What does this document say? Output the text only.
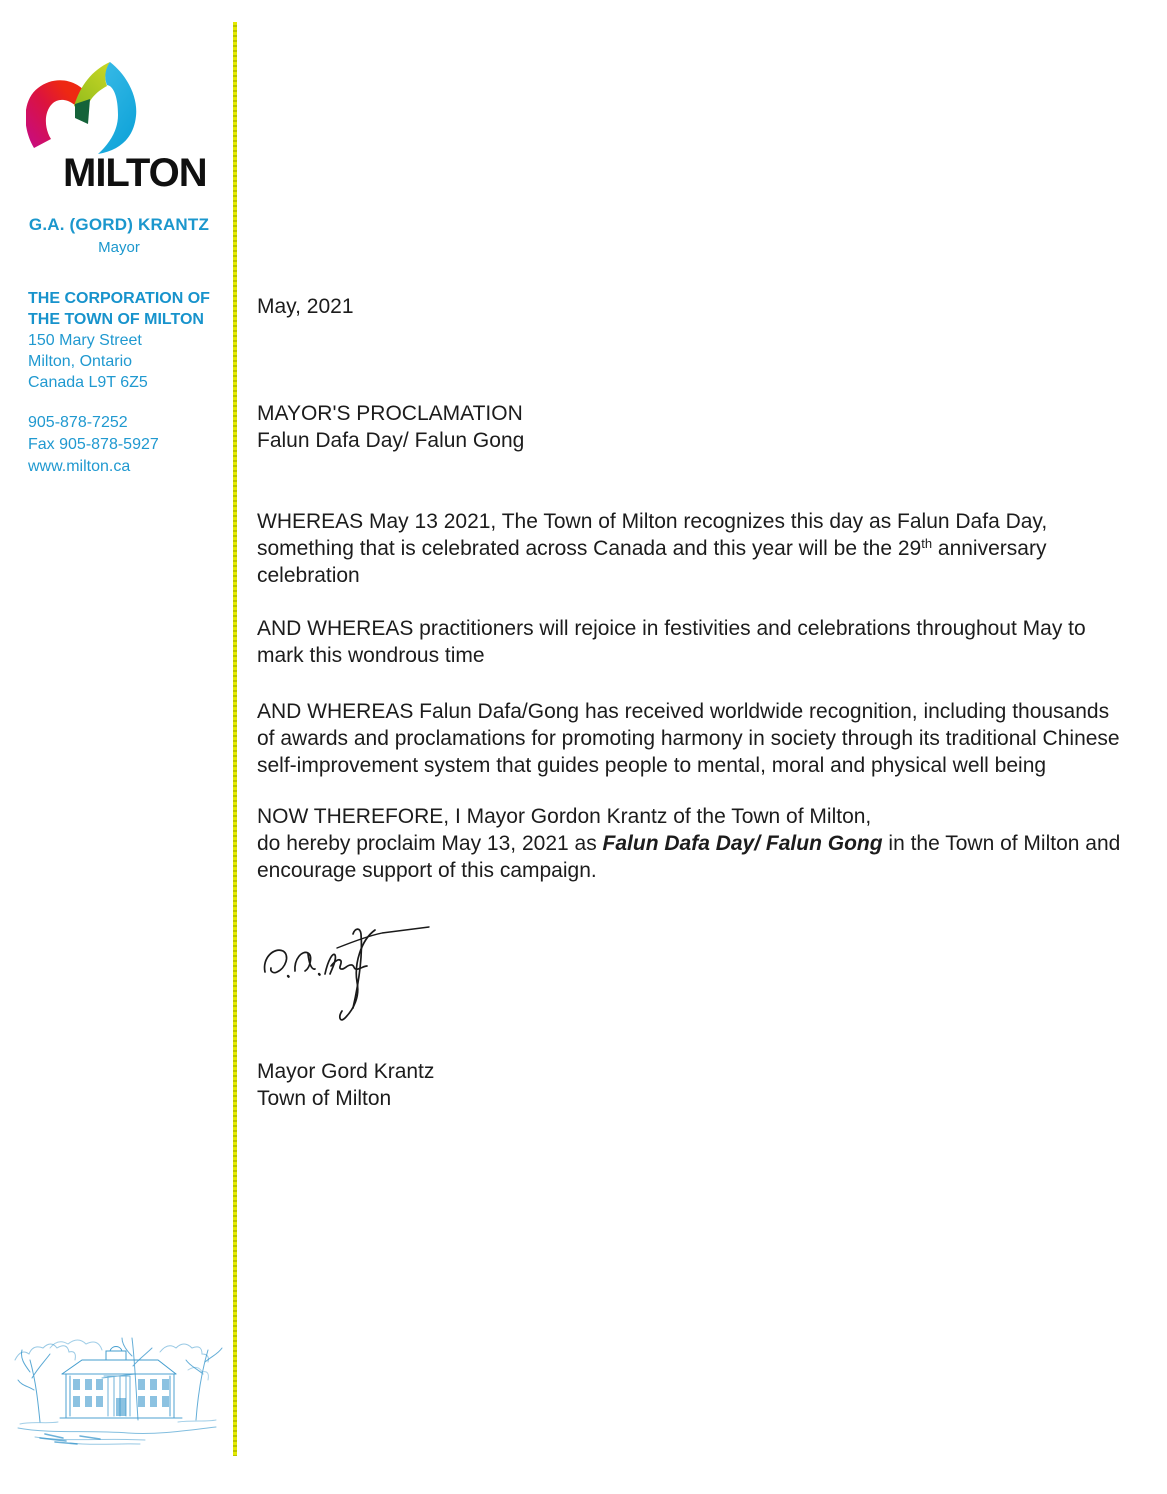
MILTON
G.A. (GORD) KRANTZ
Mayor
THE CORPORATION OF
THE TOWN OF MILTON
150 Mary Street
Milton, Ontario
Canada L9T 6Z5
905-878-7252
Fax 905-878-5927
www.milton.ca

May, 2021

MAYOR'S PROCLAMATION
Falun Dafa Day/ Falun Gong

WHEREAS May 13 2021, The Town of Milton recognizes this day as Falun Dafa Day, something that is celebrated across Canada and this year will be the 29th anniversary celebration

AND WHEREAS practitioners will rejoice in festivities and celebrations throughout May to mark this wondrous time

AND WHEREAS Falun Dafa/Gong has received worldwide recognition, including thousands of awards and proclamations for promoting harmony in society through its traditional Chinese self-improvement system that guides people to mental, moral and physical well being

NOW THEREFORE, I Mayor Gordon Krantz of the Town of Milton,
do hereby proclaim May 13, 2021 as Falun Dafa Day/ Falun Gong in the Town of Milton and encourage support of this campaign.

Mayor Gord Krantz
Town of Milton
